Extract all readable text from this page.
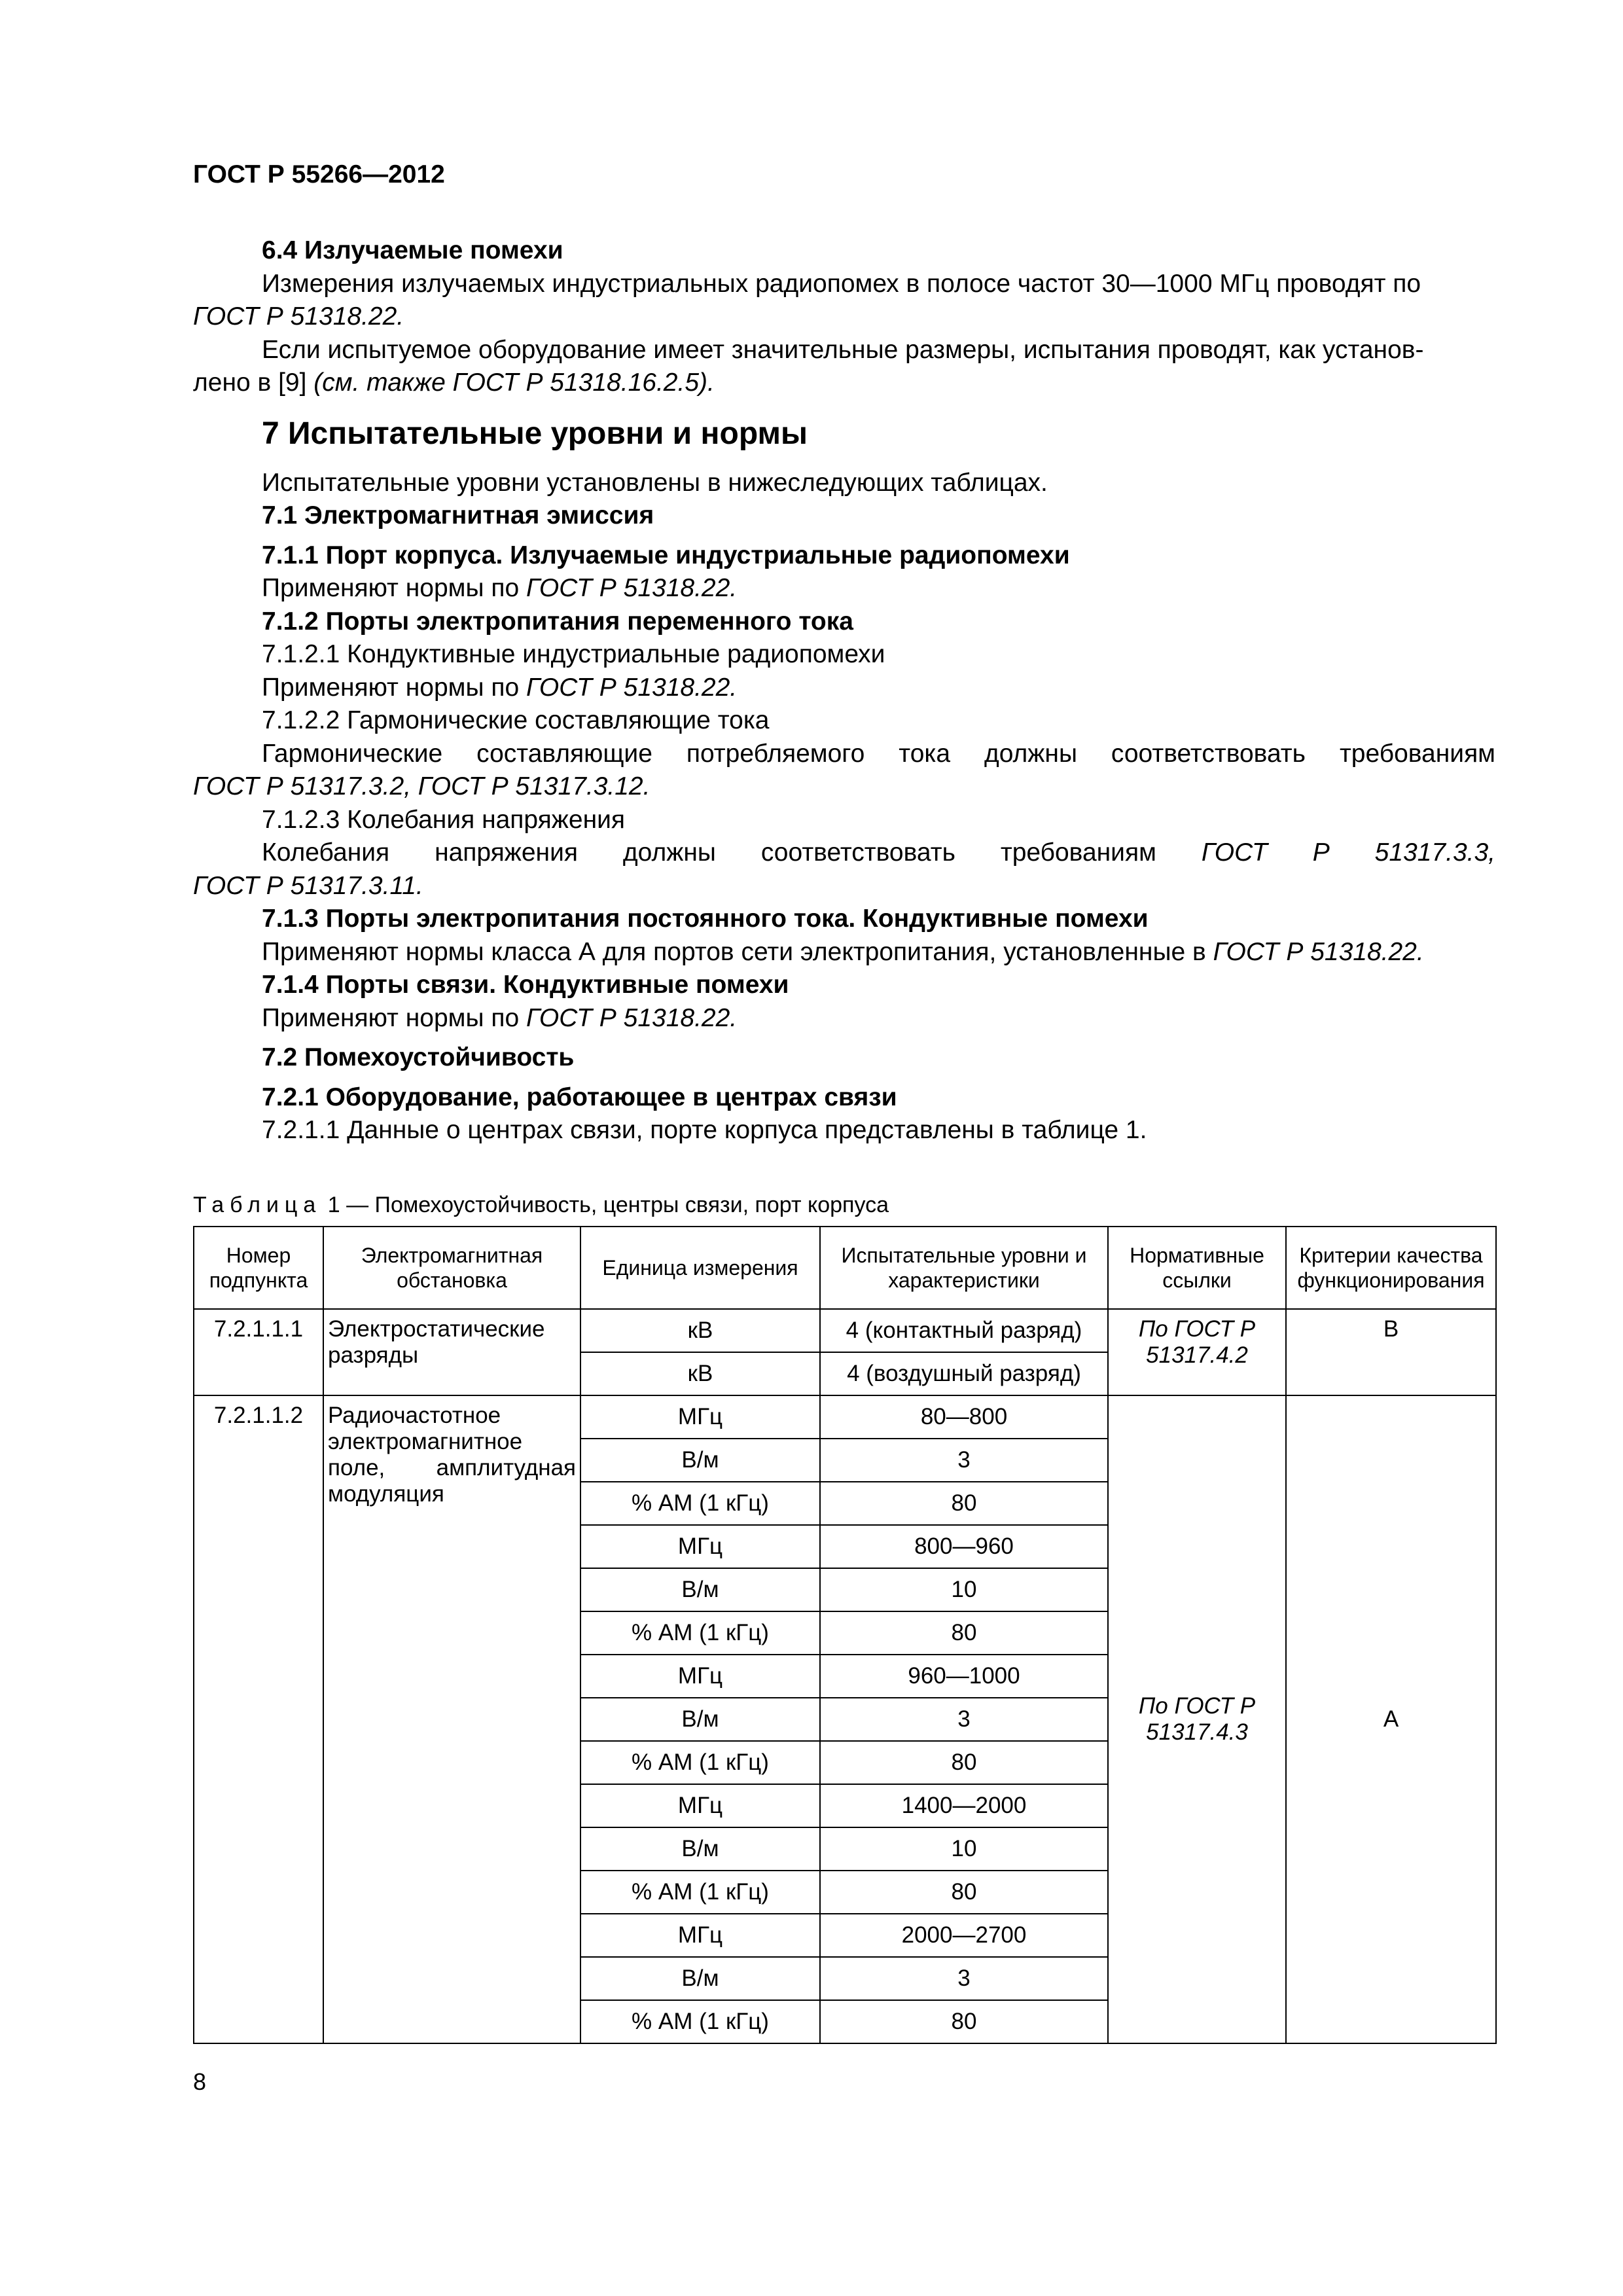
ГОСТ Р 55266—2012

6.4 Излучаемые помехи

Измерения излучаемых индустриальных радиопомех в полосе частот 30—1000 МГц проводят по
ГОСТ Р 51318.22.

Если испытуемое оборудование имеет значительные размеры, испытания проводят, как установ-
лено в [9] (см. также ГОСТ Р 51318.16.2.5).

7 Испытательные уровни и нормы

Испытательные уровни установлены в нижеследующих таблицах.

7.1 Электромагнитная эмиссия

7.1.1 Порт корпуса. Излучаемые индустриальные радиопомехи

Применяют нормы по ГОСТ Р 51318.22.

7.1.2 Порты электропитания переменного тока

7.1.2.1 Кондуктивные индустриальные радиопомехи

Применяют нормы по ГОСТ Р 51318.22.

7.1.2.2 Гармонические составляющие тока

Гармонические составляющие потребляемого тока должны соответствовать требованиям

ГОСТ Р 51317.3.2, ГОСТ Р 51317.3.12.

7.1.2.3 Колебания напряжения

Колебания напряжения должны соответствовать требованиям ГОСТ Р 51317.3.3,

ГОСТ Р 51317.3.11.

7.1.3 Порты электропитания постоянного тока. Кондуктивные помехи

Применяют нормы класса А для портов сети электропитания, установленные в ГОСТ Р 51318.22.

7.1.4 Порты связи. Кондуктивные помехи

Применяют нормы по ГОСТ Р 51318.22.

7.2 Помехоустойчивость

7.2.1 Оборудование, работающее в центрах связи

7.2.1.1 Данные о центрах связи, порте корпуса представлены в таблице 1.

Таблица 1 — Помехоустойчивость, центры связи, порт корпуса
Номер подпункта	Электромагнитная обстановка	Единица измерения	Испытательные уровни и характеристики	Нормативные ссылки	Критерии качества функционирования
7.2.1.1.1	Электростатические разряды	кВ	4 (контактный разряд)	По ГОСТ Р 51317.4.2	В
		кВ	4 (воздушный разряд)		
7.2.1.1.2	Радиочастотное электромагнитное поле, амплитудная модуляция	МГц	80—800	По ГОСТ Р 51317.4.3	А
		В/м	3		
		% АМ (1 кГц)	80		
		МГц	800—960		
		В/м	10		
		% АМ (1 кГц)	80		
		МГц	960—1000		
		В/м	3		
		% АМ (1 кГц)	80		
		МГц	1400—2000		
		В/м	10		
		% АМ (1 кГц)	80		
		МГц	2000—2700		
		В/м	3		
		% АМ (1 кГц)	80		
8
